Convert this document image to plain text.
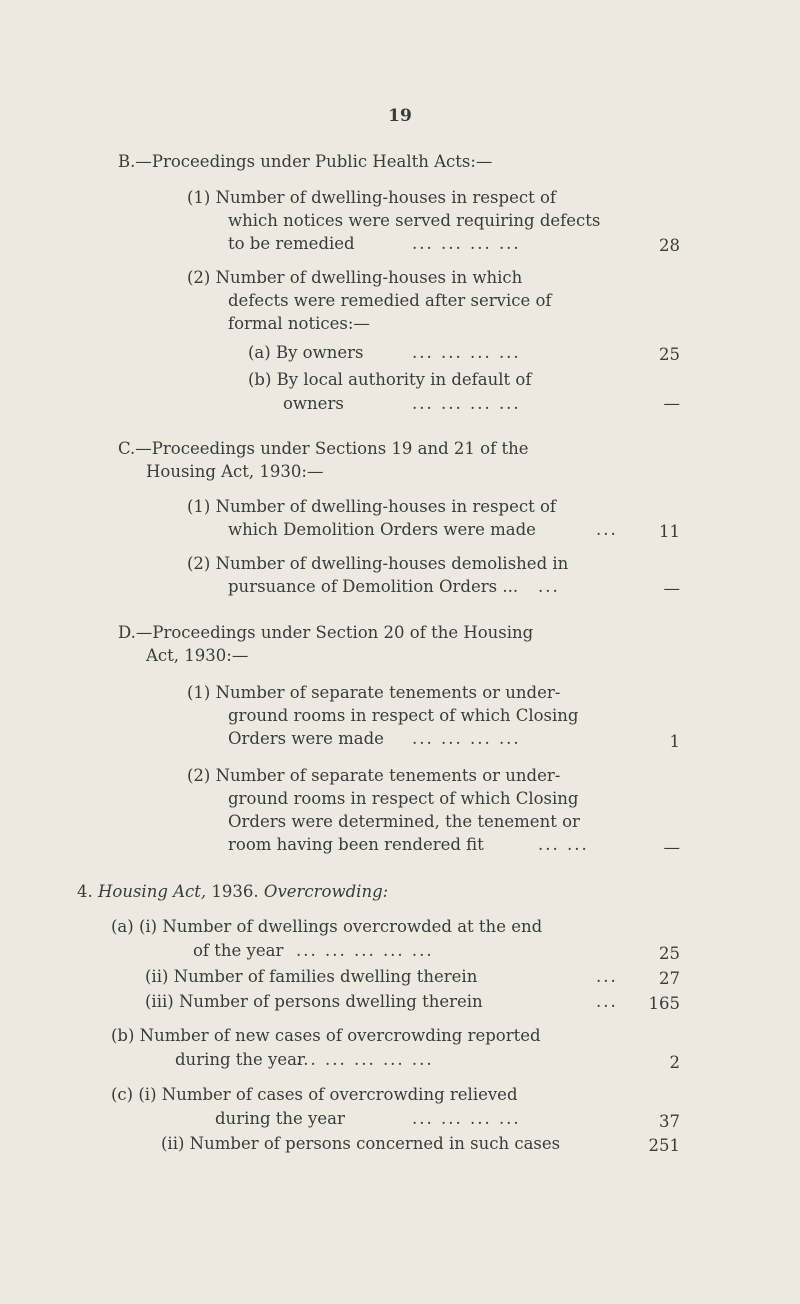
19
B.—Proceedings under Public Health Acts:—
(1) Number of dwelling-houses in respect of
which notices were served requiring defects
to be remedied	... ... ... ...	28
(2) Number of dwelling-houses in which
defects were remedied after service of
formal notices:—
(a) By owners	... ... ... ...	25
(b) By local authority in default of
owners	... ... ... ...	—
C.—Proceedings under Sections 19 and 21 of the
Housing Act, 1930:—
(1) Number of dwelling-houses in respect of
which Demolition Orders were made	...	11
(2) Number of dwelling-houses demolished in
pursuance of Demolition Orders ... ...	—
D.—Proceedings under Section 20 of the Housing
Act, 1930:—
(1) Number of separate tenements or under-
ground rooms in respect of which Closing
Orders were made ... ... ... ...	1
(2) Number of separate tenements or under-
ground rooms in respect of which Closing
Orders were determined, the tenement or
room having been rendered fit	... ...	—
4. Housing Act, 1936. Overcrowding:
(a) (i) Number of dwellings overcrowded at the end
of the year ... ... ... ... ...	25
(ii) Number of families dwelling therein	...	27
(iii) Number of persons dwelling therein	...	165
(b) Number of new cases of overcrowding reported
during the year
... ... ... ... ...	2
(c) (i) Number of cases of overcrowding relieved
during the year	... ... ... ...	37
(ii) Number of persons concerned in such cases	251
